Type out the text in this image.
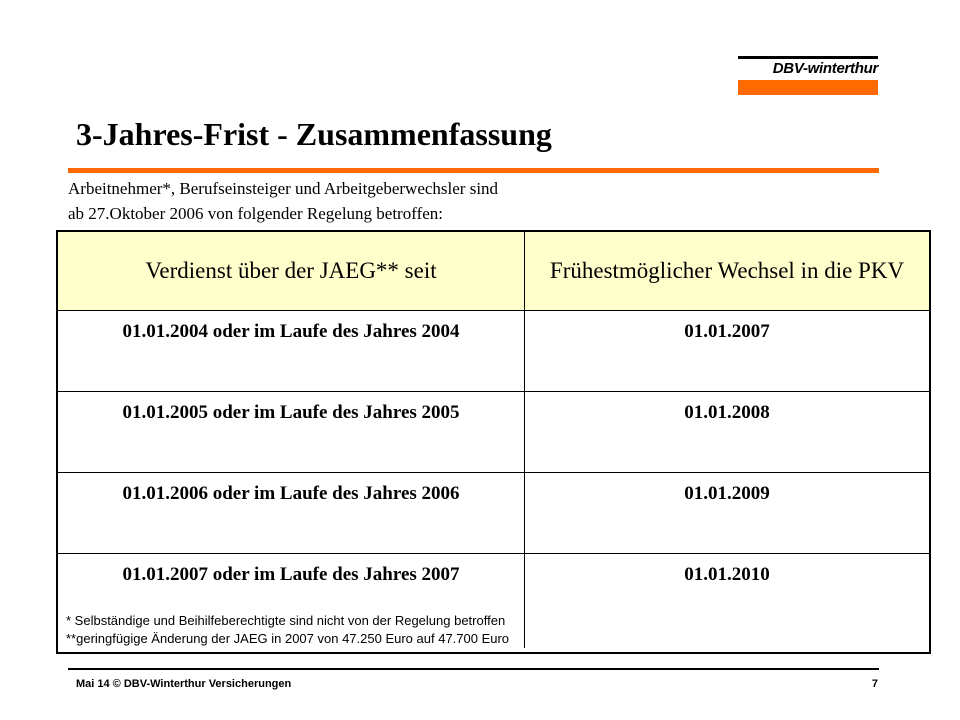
DBV-winterthur
3-Jahres-Frist - Zusammenfassung
Arbeitnehmer*, Berufseinsteiger und Arbeitgeberwechsler sind
ab 27.Oktober 2006 von folgender Regelung betroffen:
Verdienst über der JAEG** seit	Frühestmöglicher Wechsel in die PKV
01.01.2004 oder im Laufe des Jahres 2004	01.01.2007
01.01.2005 oder im Laufe des Jahres 2005	01.01.2008
01.01.2006 oder im Laufe des Jahres 2006	01.01.2009
01.01.2007 oder im Laufe des Jahres 2007	01.01.2010
* Selbständige und Beihilfeberechtigte sind nicht von der Regelung betroffen
**geringfügige Änderung der JAEG in 2007 von 47.250 Euro auf 47.700 Euro
Mai 14 © DBV-Winterthur Versicherungen	7
